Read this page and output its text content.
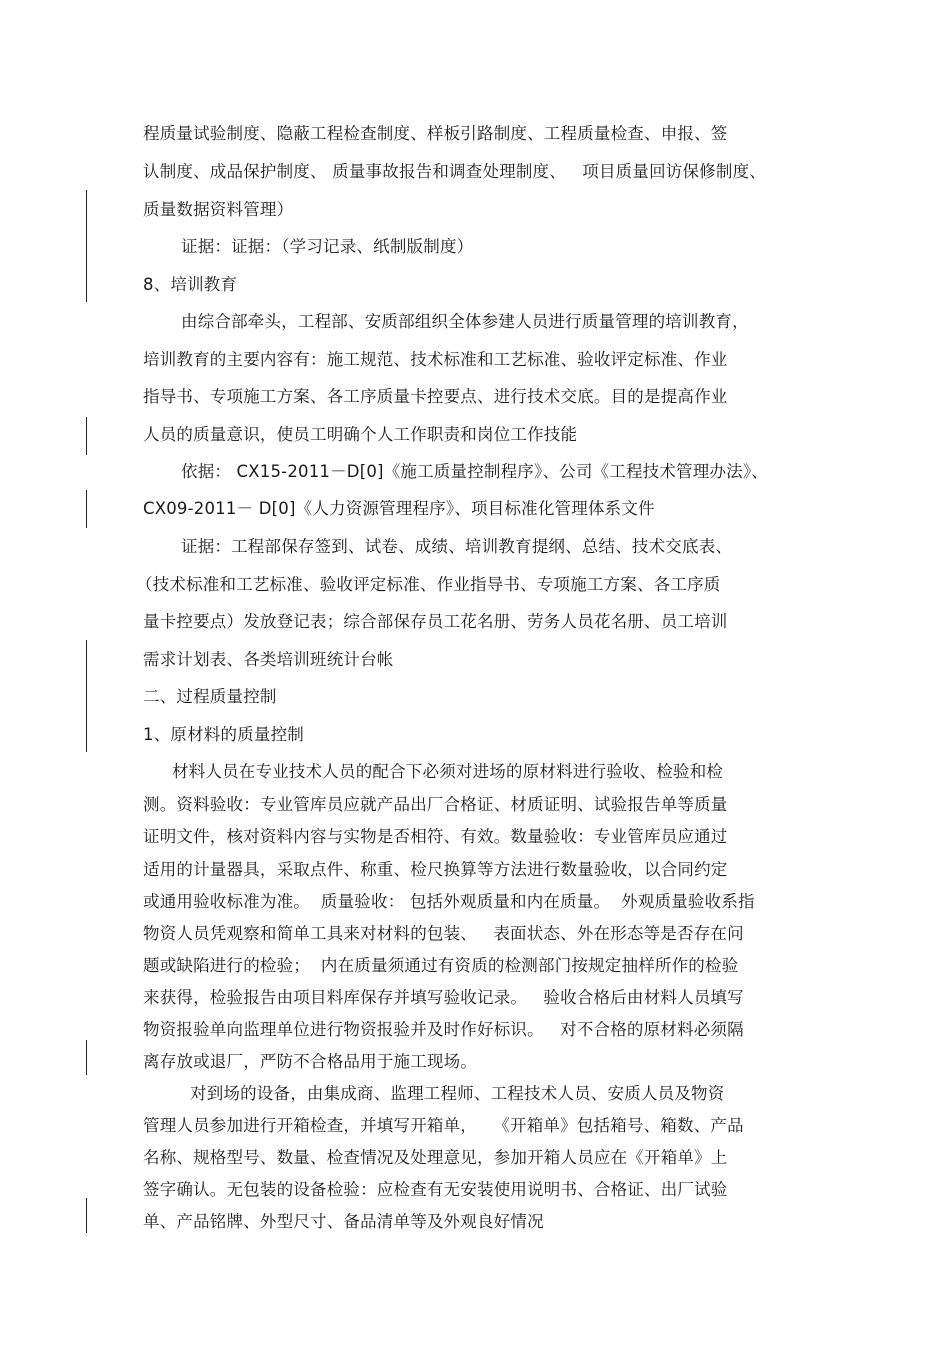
程质量试验制度、隐蔽工程检查制度、样板引路制度、工程质量检查、申报、签
认制度、成品保护制度、 质量事故报告和调查处理制度、   项目质量回访保修制度、
质量数据资料管理）
证据：证据：（学习记录、纸制版制度）
8、培训教育
由综合部牵头，工程部、安质部组织全体参建人员进行质量管理的培训教育，
培训教育的主要内容有：施工规范、技术标准和工艺标准、验收评定标准、作业
指导书、专项施工方案、各工序质量卡控要点、进行技术交底。目的是提高作业
人员的质量意识，使员工明确个人工作职责和岗位工作技能
依据： CX15-2011－D[0]《施工质量控制程序》、公司《工程技术管理办法》、
CX09-2011－ D[0]《人力资源管理程序》、项目标准化管理体系文件
证据：工程部保存签到、试卷、成绩、培训教育提纲、总结、技术交底表、
（技术标准和工艺标准、验收评定标准、作业指导书、专项施工方案、各工序质
量卡控要点）发放登记表；综合部保存员工花名册、劳务人员花名册、员工培训
需求计划表、各类培训班统计台帐
二、过程质量控制
1、原材料的质量控制
材料人员在专业技术人员的配合下必须对进场的原材料进行验收、检验和检
测。资料验收：专业管库员应就产品出厂合格证、材质证明、试验报告单等质量
证明文件，核对资料内容与实物是否相符、有效。数量验收：专业管库员应通过
适用的计量器具，采取点件、称重、检尺换算等方法进行数量验收，以合同约定
或通用验收标准为准。  质量验收： 包括外观质量和内在质量。  外观质量验收系指
物资人员凭观察和简单工具来对材料的包装、   表面状态、外在形态等是否存在问
题或缺陷进行的检验；  内在质量须通过有资质的检测部门按规定抽样所作的检验
来获得，检验报告由项目料库保存并填写验收记录。   验收合格后由材料人员填写
物资报验单向监理单位进行物资报验并及时作好标识。   对不合格的原材料必须隔
离存放或退厂，严防不合格品用于施工现场。
对到场的设备，由集成商、监理工程师、工程技术人员、安质人员及物资
管理人员参加进行开箱检查，并填写开箱单，   《开箱单》包括箱号、箱数、产品
名称、规格型号、数量、检查情况及处理意见，参加开箱人员应在《开箱单》上
签字确认。无包装的设备检验：应检查有无安装使用说明书、合格证、出厂试验
单、产品铭牌、外型尺寸、备品清单等及外观良好情况
